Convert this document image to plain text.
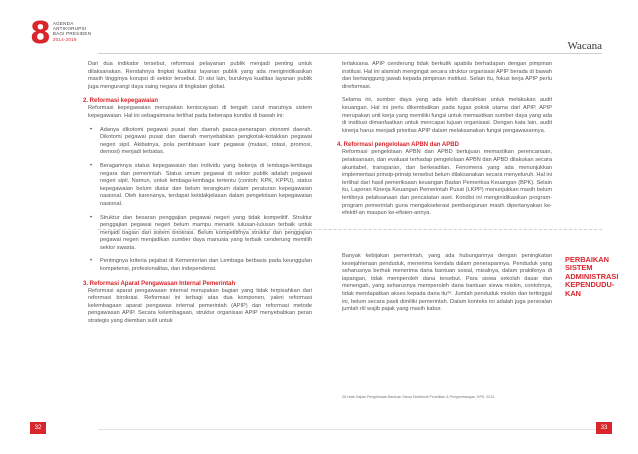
8 AGENDA
ANTIKORUPSI
BAGI PRESIDEN
2014-2019
Wacana
Dari dua indikator tersebut, reformasi pelayanan publik menjadi penting untuk dilaksanakan. Rendahnya tingkat kualitas layanan publik yang ada menginidikasikan masih tingginya korupsi di sektor tersebut. Di sisi lain, buruknya kualitas layanan publik juga mengurangi daya saing negara di tingkatan global.
2. Reformasi kepegawaian
Reformasi kepegawaian merupakan keniscayaan di tengah carut marutnya sistem kepegawaian. Hal ini sebagaimana terlihat pada beberapa kondisi di bawah ini:
• Adanya dikotomi pegawai pusat dan daerah pasca-penerapan otonomi daerah. Dikotomi pegawai pusat dan daerah menyebabkan pengkotak-kotakkan pegawai negeri sipil. Akibatnya, pola pembinaan karir pegawai (mutasi, rotasi, promosi, demosi) menjadi terbatas.
• Beragamnya status kepegawaian dan individu yang bekerja di lembaga-lembaga negara dan pemerintah. Status umum pegawai di sektor publik adalah pegawai negeri sipil. Namun, untuk lembaga-lembaga tertentu (contoh: KPK, KPPU), status kepegawaian belum diatur dan belum terangkum dalam peraturan kepegawaian nasional. Oleh karenanya, terdapat ketidakjelasan dalam pengelolaan kepegawaian nasional.
• Struktur dan besaran penggajian pegawai negeri yang tidak kompetitif. Struktur penggajian pegawai negeri belum mampu menarik lulusan-lulusan terbaik untuk menjadi bagian dari sistem birokrasi. Belum kompetitifnya struktur dan penggajian pegawai negeri menjadikan sumber daya manusia yang terbaik cenderung memilih sektor swasta.
• Pentingnya kriteria pejabat di Kementerian dan Lembaga berbasis pada keunggulan kompetensi, profesionalitas, dan independensi.
3. Reformasi Aparat Pengawasan Internal Pemerintah
Reformasi aparat pengawasan internal merupakan bagian yang tidak terpisahkan dari reformasi birokrasi. Reformasi ini terbagi atas dua komponen, yakni reformasi kelembagaan aparat pengawas internal pemerintah (APIP) dan reformasi metode pengawasan APIP. Secara kelembagaan, struktur organisasi APIP menyebabkan peran strategis yang diemban sulit untuk
terlaksana. APIP cenderung tidak berkutik apabila berhadapan dengan pimpinan institusi. Hal ini alamiah mengingat secara struktur organisasi APIP berada di bawah dan bertanggung jawab kepada pimpinan institusi. Selain itu, fokus kerja APIP perlu direformasi.
Selama ini, sumber daya yang ada lebih diarahkan untuk melakukan audit keuangan. Hal ini perlu dikembalikan pada tugas pokok utama dari APIP. APIP merupakan unit kerja yang memiliki fungsi untuk memastikan sumber daya yang ada di institusi dimanfaatkan untuk mencapai tujuan organisasi. Dengan kata lain, audit kinerja harus menjadi prioritas APIP dalam melaksanakan fungsi pengawasannya.
4. Reformasi pengelolaan APBN dan APBD
Reformasi pengelolaan APBN dan APBD bertujuan memastikan perencanaan, pelaksanaan, dan evaluasi terhadap pengelolaan APBN dan APBD dilakukan secara akuntabel, transparan, dan berkeadilan. Fenomena yang ada menunjukkan implementasi prinsip-prinsip tersebut belum dilaksanakan secara menyeluruh. Hal ini terlihat dari hasil pemeriksaan keuangan Badan Pemeriksa Keuangan (BPK). Selain itu, Laporan Kinerja Keuangan Pemerintah Pusat (LKPP) menunjukkan masih belum tertibnya pelaksanaan dan pencatatan aset. Kondisi ini menginidikasikan program-program pemerintah guna mengakselerasi pembangunan masih dipertanyakan ke-efektif-an maupun ke-efisien-annya.
Banyak kebijakan pemerintah, yang ada hubungannya dengan peningkatan kesejahteraan penduduk, menerima kendala dalam penerapannya. Penduduk yang seharusnya berhak menerima dana bantuan sosial, misalnya, dalam praktiknya di lapangan, tidak memperoleh dana tersebut. Para siswa sekolah dasar dan menengah, yang seharusnya memperoleh dana bantuan siswa miskin, contohnya, tidak mendapatkan akses kepada dana itu²⁶. Jumlah penduduk miskin dan tertinggal ini, belum secara pasti dimiliki pemerintah. Dalam konteks ini adalah juga persoalan jumlah riil wajib pajak yang masih kabur.
PERBAIKAN SISTEM ADMINISTRASI KEPENDUDU-KAN
26 Hasil Kajian Pengelolaan Bantuan Siswa Direktorat Penelitian & Pengembangan, KPK, 2012.
32	33
